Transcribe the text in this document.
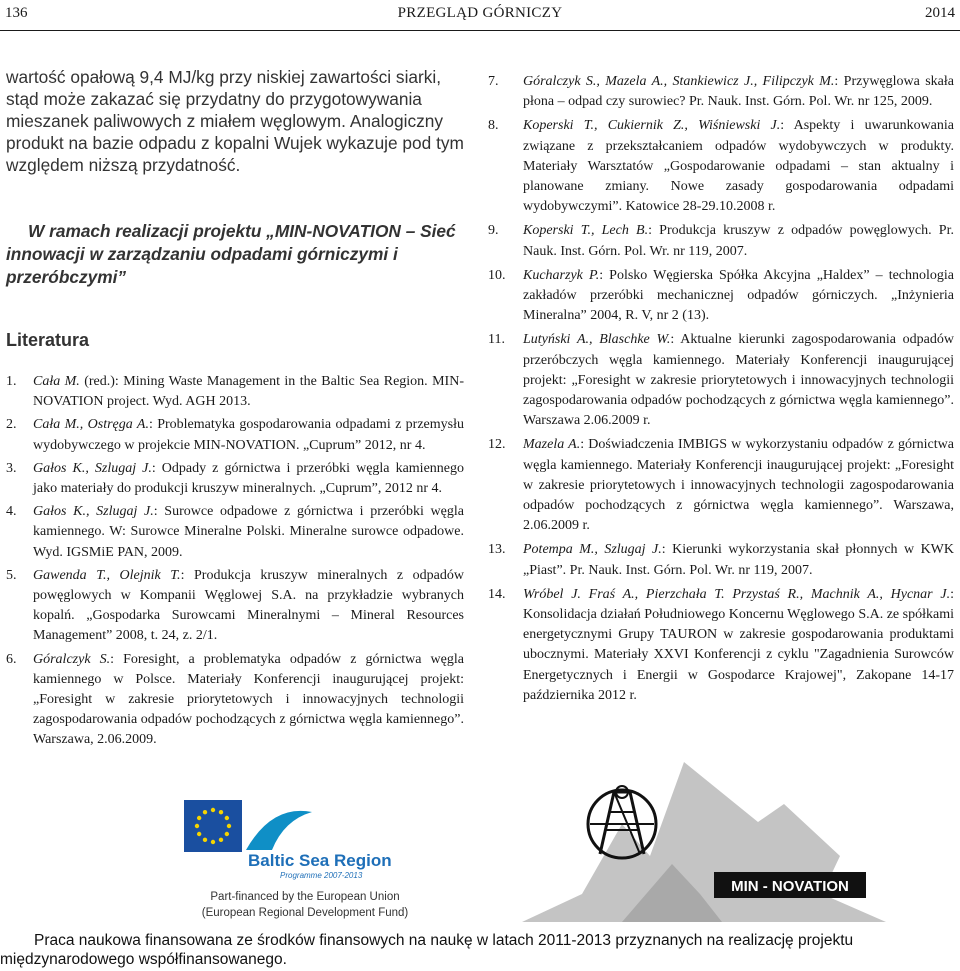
136	PRZEGLĄD GÓRNICZY	2014

wartość opałową 9,4 MJ/kg przy niskiej zawartości siarki, stąd może zakazać się przydatny do przygotowywania mieszanek paliwowych z miałem węglowym. Analogiczny produkt na bazie odpadu z kopalni Wujek wykazuje pod tym względem niższą przydatność.

W ramach realizacji projektu „MIN-NOVATION – Sieć innowacji w zarządzaniu odpadami górniczymi i przeróbczymi”

Literatura
1. Cała M. (red.): Mining Waste Management in the Baltic Sea Region. MIN-NOVATION project. Wyd. AGH 2013.
2. Cała M., Ostręga A.: Problematyka gospodarowania odpadami z przemysłu wydobywczego w projekcie MIN-NOVATION. „Cuprum” 2012, nr 4.
3. Gałos K., Szlugaj J.: Odpady z górnictwa i przeróbki węgla kamiennego jako materiały do produkcji kruszyw mineralnych. „Cuprum”, 2012 nr 4.
4. Gałos K., Szlugaj J.: Surowce odpadowe z górnictwa i przeróbki węgla kamiennego. W: Surowce Mineralne Polski. Mineralne surowce odpadowe. Wyd. IGSMiE PAN, 2009.
5. Gawenda T., Olejnik T.: Produkcja kruszyw mineralnych z odpadów powęglowych w Kompanii Węglowej S.A. na przykładzie wybranych kopalń. „Gospodarka Surowcami Mineralnymi – Mineral Resources Management” 2008, t. 24, z. 2/1.
6. Góralczyk S.: Foresight, a problematyka odpadów z górnictwa węgla kamiennego w Polsce. Materiały Konferencji inaugurującej projekt: „Foresight w zakresie priorytetowych i innowacyjnych technologii zagospodarowania odpadów pochodzących z górnictwa węgla kamiennego”. Warszawa, 2.06.2009.
7. Góralczyk S., Mazela A., Stankiewicz J., Filipczyk M.: Przywęglowa skała płona – odpad czy surowiec? Pr. Nauk. Inst. Górn. Pol. Wr. nr 125, 2009.
8. Koperski T., Cukiernik Z., Wiśniewski J.: Aspekty i uwarunkowania związane z przekształcaniem odpadów wydobywczych w produkty. Materiały Warsztatów „Gospodarowanie odpadami – stan aktualny i planowane zmiany. Nowe zasady gospodarowania odpadami wydobywczymi”. Katowice 28-29.10.2008 r.
9. Koperski T., Lech B.: Produkcja kruszyw z odpadów powęglowych. Pr. Nauk. Inst. Górn. Pol. Wr. nr 119, 2007.
10. Kucharzyk P.: Polsko Węgierska Spółka Akcyjna „Haldex” – technologia zakładów przeróbki mechanicznej odpadów górniczych. „Inżynieria Mineralna” 2004, R. V, nr 2 (13).
11. Lutyński A., Blaschke W.: Aktualne kierunki zagospodarowania odpadów przeróbczych węgla kamiennego. Materiały Konferencji inaugurującej projekt: „Foresight w zakresie priorytetowych i innowacyjnych technologii zagospodarowania odpadów pochodzących z górnictwa węgla kamiennego”. Warszawa 2.06.2009 r.
12. Mazela A.: Doświadczenia IMBIGS w wykorzystaniu odpadów z górnictwa węgla kamiennego. Materiały Konferencji inaugurującej projekt: „Foresight w zakresie priorytetowych i innowacyjnych technologii zagospodarowania odpadów pochodzących z górnictwa węgla kamiennego”. Warszawa, 2.06.2009 r.
13. Potempa M., Szlugaj J.: Kierunki wykorzystania skał płonnych w KWK „Piast”. Pr. Nauk. Inst. Górn. Pol. Wr. nr 119, 2007.
14. Wróbel J. Fraś A., Pierzchała T. Przystaś R., Machnik A., Hycnar J.: Konsolidacja działań Południowego Koncernu Węglowego S.A. ze spółkami energetycznymi Grupy TAURON w zakresie gospodarowania produktami ubocznymi. Materiały XXVI Konferencji z cyklu "Zagadnienia Surowców Energetycznych i Energii w Gospodarce Krajowej", Zakopane 14-17 października 2012 r.
Baltic Sea Region
Programme 2007-2013
Part-financed by the European Union
(European Regional Development Fund)
MIN - NOVATION

Praca naukowa finansowana ze środków finansowych na naukę w latach 2011-2013 przyznanych na realizację projektu międzynarodowego współfinansowanego.
